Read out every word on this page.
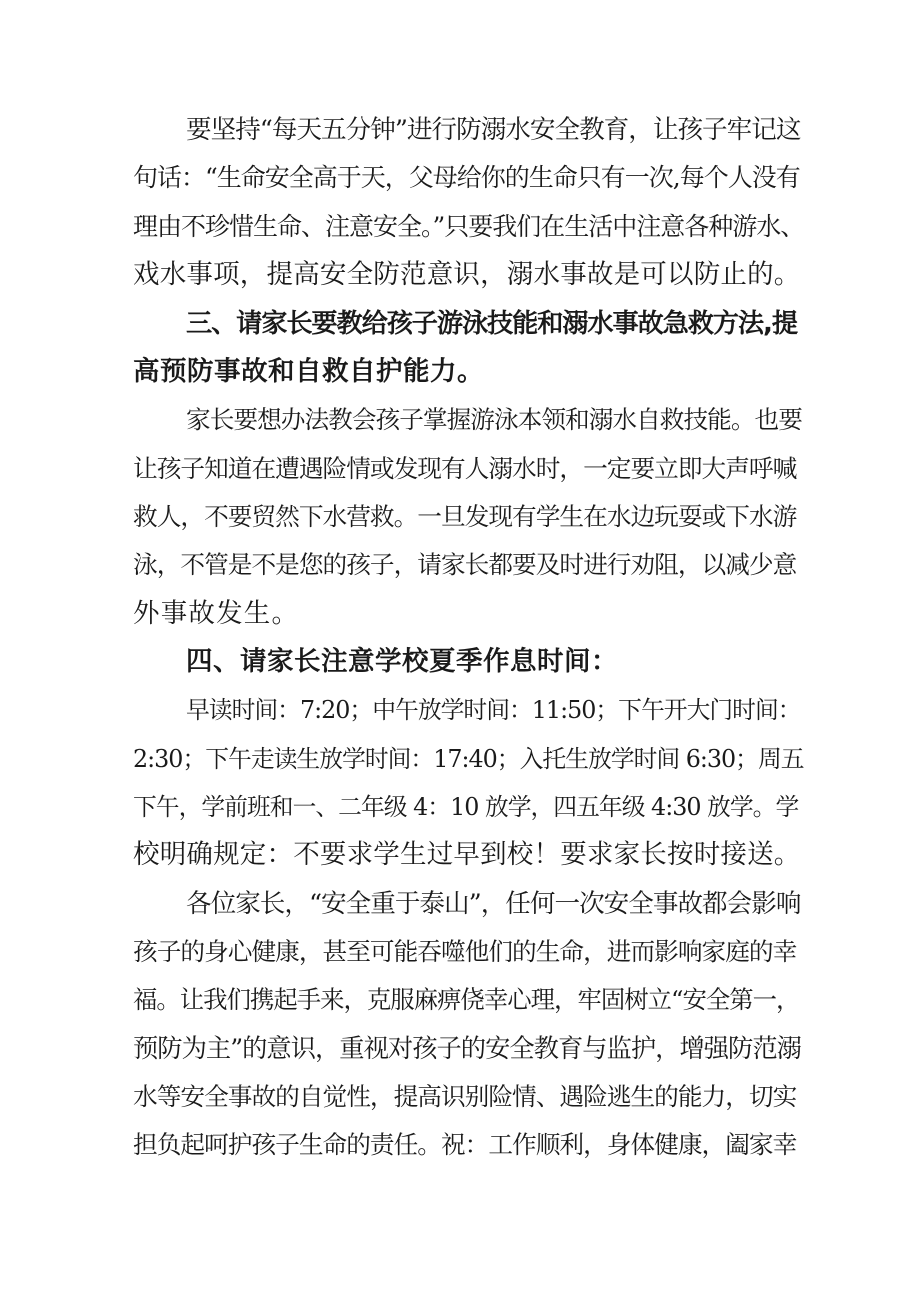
要坚持“每天五分钟”进行防溺水安全教育，让孩子牢记这
句话：“生命安全高于天，父母给你的生命只有一次,每个人没有
理由不珍惜生命、注意安全。”只要我们在生活中注意各种游水、
戏水事项，提高安全防范意识，溺水事故是可以防止的。
三、请家长要教给孩子游泳技能和溺水事故急救方法,提
高预防事故和自救自护能力。
家长要想办法教会孩子掌握游泳本领和溺水自救技能。也要
让孩子知道在遭遇险情或发现有人溺水时，一定要立即大声呼喊
救人，不要贸然下水营救。一旦发现有学生在水边玩耍或下水游
泳，不管是不是您的孩子，请家长都要及时进行劝阻，以减少意
外事故发生。
四、请家长注意学校夏季作息时间：
早读时间：7:20；中午放学时间：11:50；下午开大门时间：
2:30；下午走读生放学时间：17:40；入托生放学时间 6:30；周五
下午，学前班和一、二年级 4：10 放学，四五年级 4:30 放学。学
校明确规定：不要求学生过早到校！要求家长按时接送。
各位家长，“安全重于泰山”，任何一次安全事故都会影响
孩子的身心健康，甚至可能吞噬他们的生命，进而影响家庭的幸
福。让我们携起手来，克服麻痹侥幸心理，牢固树立“安全第一，
预防为主”的意识，重视对孩子的安全教育与监护，增强防范溺
水等安全事故的自觉性，提高识别险情、遇险逃生的能力，切实
担负起呵护孩子生命的责任。祝：工作顺利，身体健康，阖家幸
